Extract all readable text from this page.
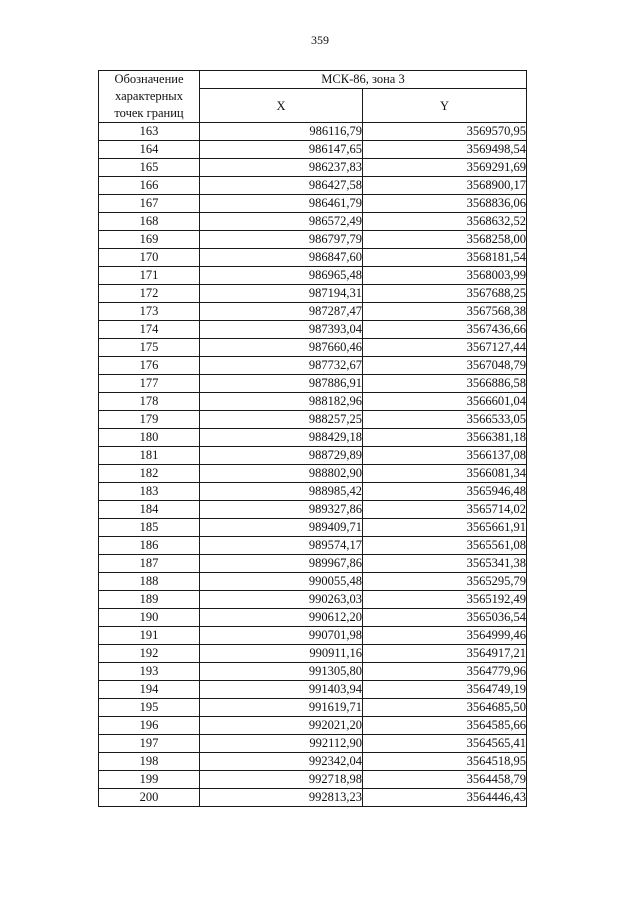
359
Обозначение характерных точек границ	МСК-86, зона 3	
	X	Y
163	986116,79	3569570,95
164	986147,65	3569498,54
165	986237,83	3569291,69
166	986427,58	3568900,17
167	986461,79	3568836,06
168	986572,49	3568632,52
169	986797,79	3568258,00
170	986847,60	3568181,54
171	986965,48	3568003,99
172	987194,31	3567688,25
173	987287,47	3567568,38
174	987393,04	3567436,66
175	987660,46	3567127,44
176	987732,67	3567048,79
177	987886,91	3566886,58
178	988182,96	3566601,04
179	988257,25	3566533,05
180	988429,18	3566381,18
181	988729,89	3566137,08
182	988802,90	3566081,34
183	988985,42	3565946,48
184	989327,86	3565714,02
185	989409,71	3565661,91
186	989574,17	3565561,08
187	989967,86	3565341,38
188	990055,48	3565295,79
189	990263,03	3565192,49
190	990612,20	3565036,54
191	990701,98	3564999,46
192	990911,16	3564917,21
193	991305,80	3564779,96
194	991403,94	3564749,19
195	991619,71	3564685,50
196	992021,20	3564585,66
197	992112,90	3564565,41
198	992342,04	3564518,95
199	992718,98	3564458,79
200	992813,23	3564446,43
